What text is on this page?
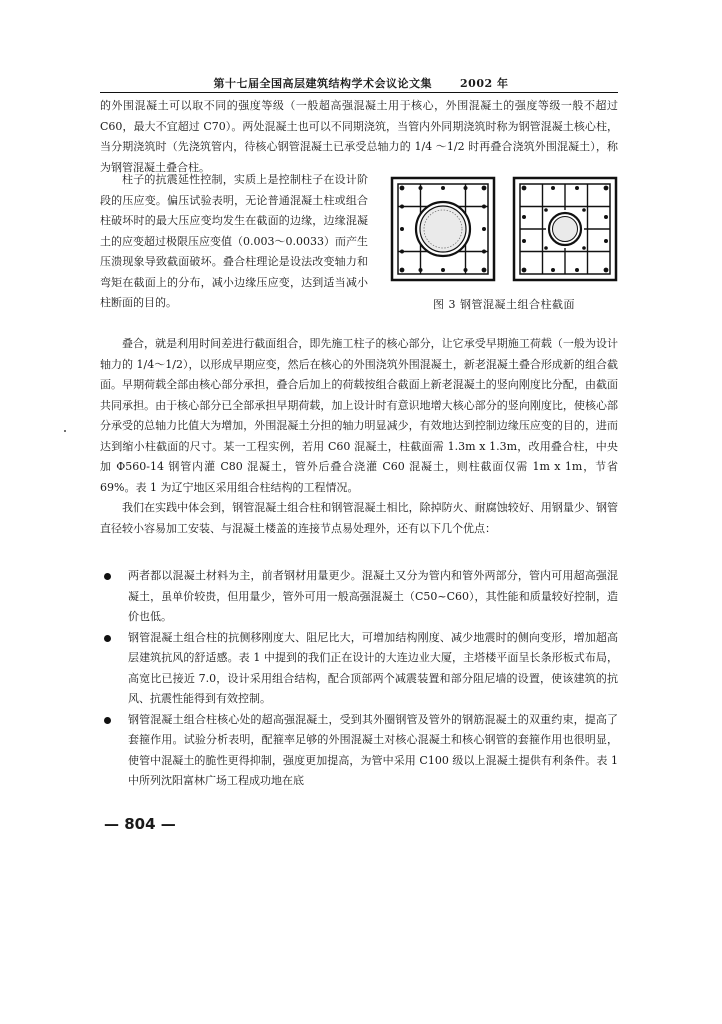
第十七届全国高层建筑结构学术会议论文集	2002 年

的外围混凝土可以取不同的强度等级（一般超高强混凝土用于核心，外围混凝土的强度等级一般不超过 C60，最大不宜超过 C70）。两处混凝土也可以不同期浇筑，当管内外同期浇筑时称为钢管混凝土核心柱，当分期浇筑时（先浇筑管内，待核心钢管混凝土已承受总轴力的 1/4 ～1/2 时再叠合浇筑外围混凝土），称为钢管混凝土叠合柱。

柱子的抗震延性控制，实质上是控制柱子在设计阶段的压应变。偏压试验表明，无论普通混凝土柱或组合柱破坏时的最大压应变均发生在截面的边缘，边缘混凝土的应变超过极限压应变值（0.003～0.0033）而产生压溃现象导致截面破坏。叠合柱理论是设法改变轴力和弯矩在截面上的分布，减小边缘压应变，达到适当减小柱断面的目的。	图 3 钢管混凝土组合柱截面

叠合，就是利用时间差进行截面组合，即先施工柱子的核心部分，让它承受早期施工荷载（一般为设计轴力的 1/4～1/2），以形成早期应变，然后在核心的外围浇筑外围混凝土，新老混凝土叠合形成新的组合截面。早期荷载全部由核心部分承担，叠合后加上的荷载按组合截面上新老混凝土的竖向刚度比分配，由截面共同承担。由于核心部分已全部承担早期荷载，加上设计时有意识地增大核心部分的竖向刚度比，使核心部分承受的总轴力比值大为增加，外围混凝土分担的轴力明显减少，有效地达到控制边缘压应变的目的，进而达到缩小柱截面的尺寸。某一工程实例，若用 C60 混凝土，柱截面需 1.3m x 1.3m，改用叠合柱，中央加 Φ560-14 钢管内灌 C80 混凝土，管外后叠合浇灌 C60 混凝土，则柱截面仅需 1m x 1m，节省 69%。表 1 为辽宁地区采用组合柱结构的工程情况。

我们在实践中体会到，钢管混凝土组合柱和钢管混凝土相比，除掉防火、耐腐蚀较好、用钢量少、钢管直径较小容易加工安装、与混凝土楼盖的连接节点易处理外，还有以下几个优点：

两者都以混凝土材料为主，前者钢材用量更少。混凝土又分为管内和管外两部分，管内可用超高强混凝土，虽单价较贵，但用量少，管外可用一般高强混凝土（C50~C60），其性能和质量较好控制，造价也低。
钢管混凝土组合柱的抗侧移刚度大、阻尼比大，可增加结构刚度、减少地震时的侧向变形，增加超高层建筑抗风的舒适感。表 1 中提到的我们正在设计的大连边业大厦，主塔楼平面呈长条形板式布局，高宽比已接近 7.0，设计采用组合结构，配合顶部两个减震装置和部分阻尼墙的设置，使该建筑的抗风、抗震性能得到有效控制。
钢管混凝土组合柱核心处的超高强混凝土，受到其外圈钢管及管外的钢筋混凝土的双重约束，提高了套箍作用。试验分析表明，配箍率足够的外围混凝土对核心混凝土和核心钢管的套箍作用也很明显，使管中混凝土的脆性更得抑制，强度更加提高，为管中采用 C100 级以上混凝土提供有利条件。表 1 中所列沈阳富林广场工程成功地在底
— 804 —
